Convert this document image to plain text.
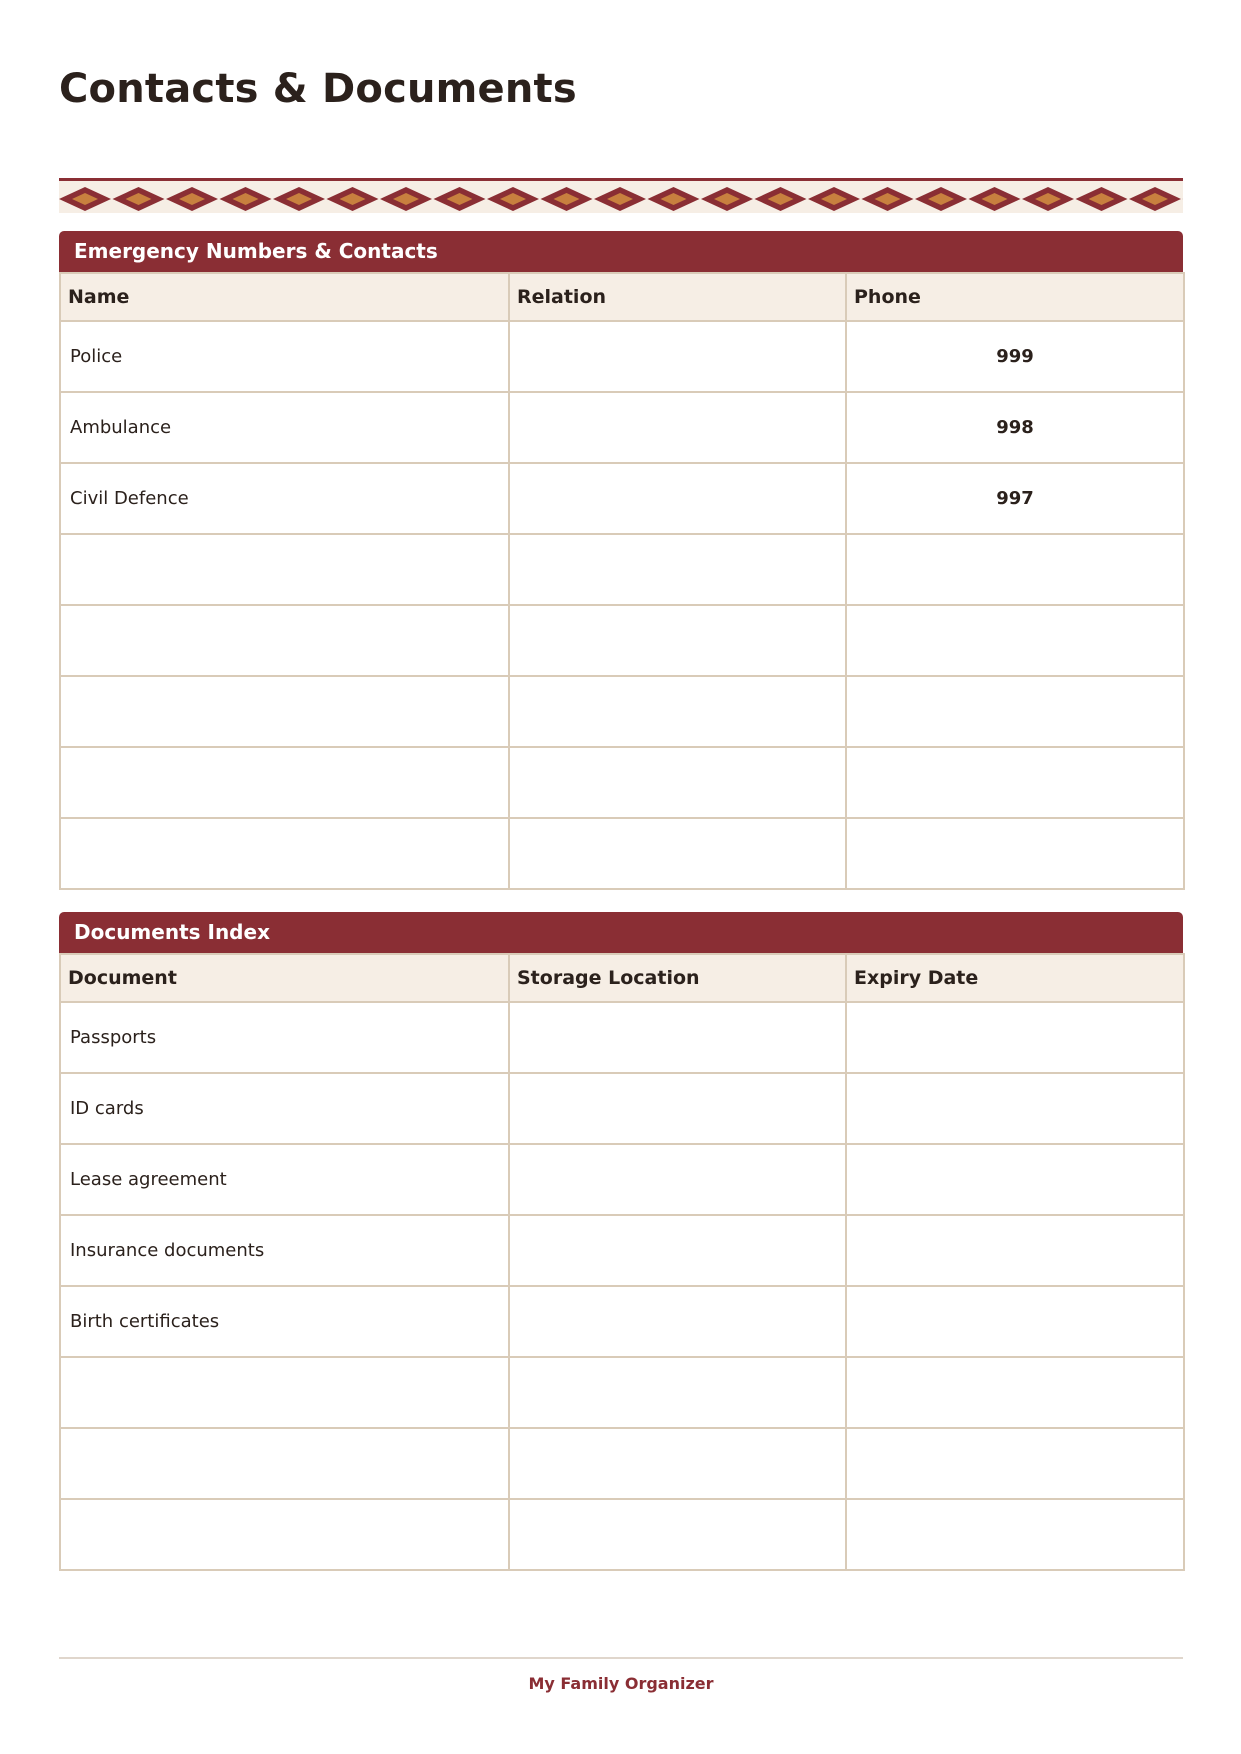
Contacts & Documents
Emergency Numbers & Contacts
Name	Relation	Phone
Police		999
Ambulance		998
Civil Defence		997

Documents Index
Document	Storage Location	Expiry Date
Passports		
ID cards		
Lease agreement		
Insurance documents		
Birth certificates		

My Family Organizer
